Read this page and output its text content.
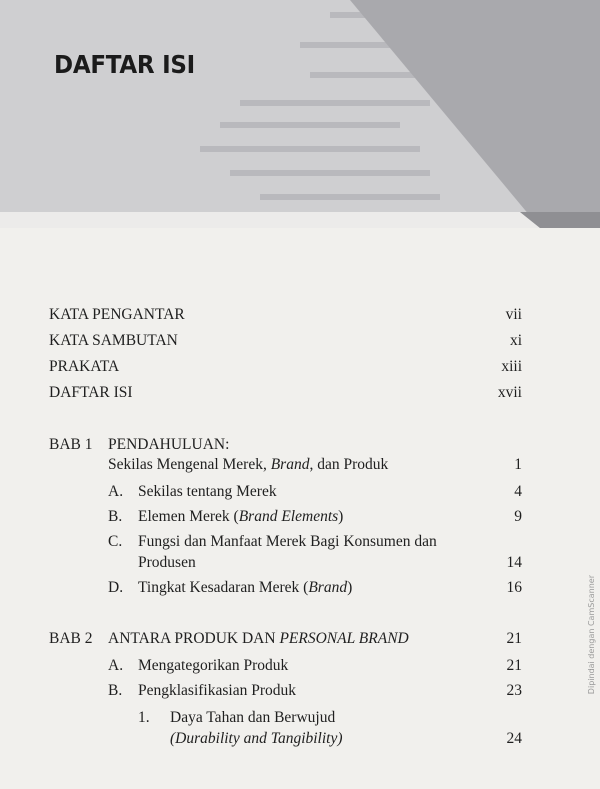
DAFTAR ISI
KATA PENGANTAR	vii
KATA SAMBUTAN	xi
PRAKATA	xiii
DAFTAR ISI	xvii
BAB 1 PENDAHULUAN:
Sekilas Mengenal Merek, Brand, dan Produk	1
A. Sekilas tentang Merek	4
B. Elemen Merek (Brand Elements)	9
C. Fungsi dan Manfaat Merek Bagi Konsumen dan
Produsen	14
D. Tingkat Kesadaran Merek (Brand)	16
BAB 2 ANTARA PRODUK DAN PERSONAL BRAND	21
A. Mengategorikan Produk	21
B. Pengklasifikasian Produk	23
1. Daya Tahan dan Berwujud
(Durability and Tangibility)	24
Dipindai dengan CamScanner
